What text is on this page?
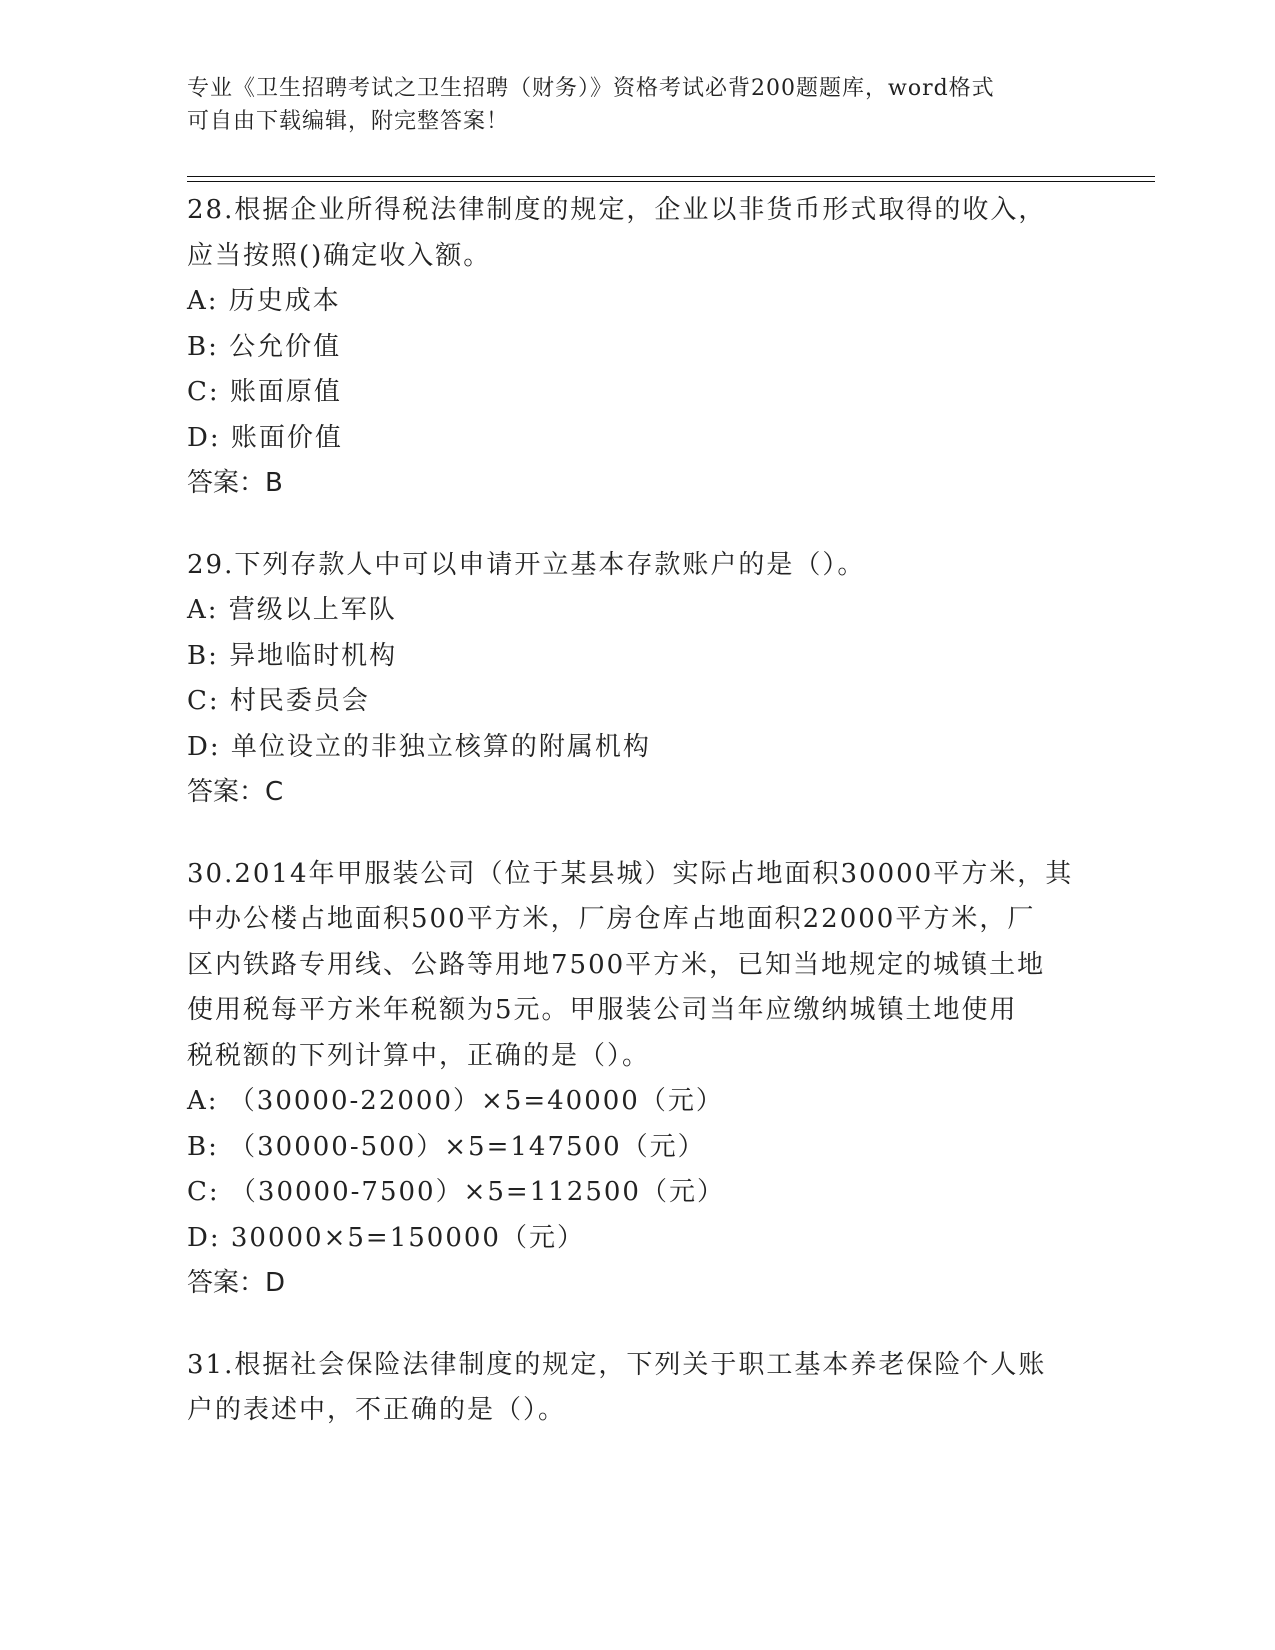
专业《卫生招聘考试之卫生招聘（财务）》资格考试必背200题题库，word格式
可自由下载编辑，附完整答案！
28.根据企业所得税法律制度的规定，企业以非货币形式取得的收入，
应当按照()确定收入额。
A: 历史成本
B: 公允价值
C: 账面原值
D: 账面价值
答案：B
29.下列存款人中可以申请开立基本存款账户的是（）。
A: 营级以上军队
B: 异地临时机构
C: 村民委员会
D: 单位设立的非独立核算的附属机构
答案：C
30.2014年甲服装公司（位于某县城）实际占地面积30000平方米，其
中办公楼占地面积500平方米，厂房仓库占地面积22000平方米，厂
区内铁路专用线、公路等用地7500平方米，已知当地规定的城镇土地
使用税每平方米年税额为5元。甲服装公司当年应缴纳城镇土地使用
税税额的下列计算中，正确的是（）。
A: （30000-22000）×5=40000（元）
B: （30000-500）×5=147500（元）
C: （30000-7500）×5=112500（元）
D: 30000×5=150000（元）
答案：D
31.根据社会保险法律制度的规定，下列关于职工基本养老保险个人账
户的表述中，不正确的是（）。
